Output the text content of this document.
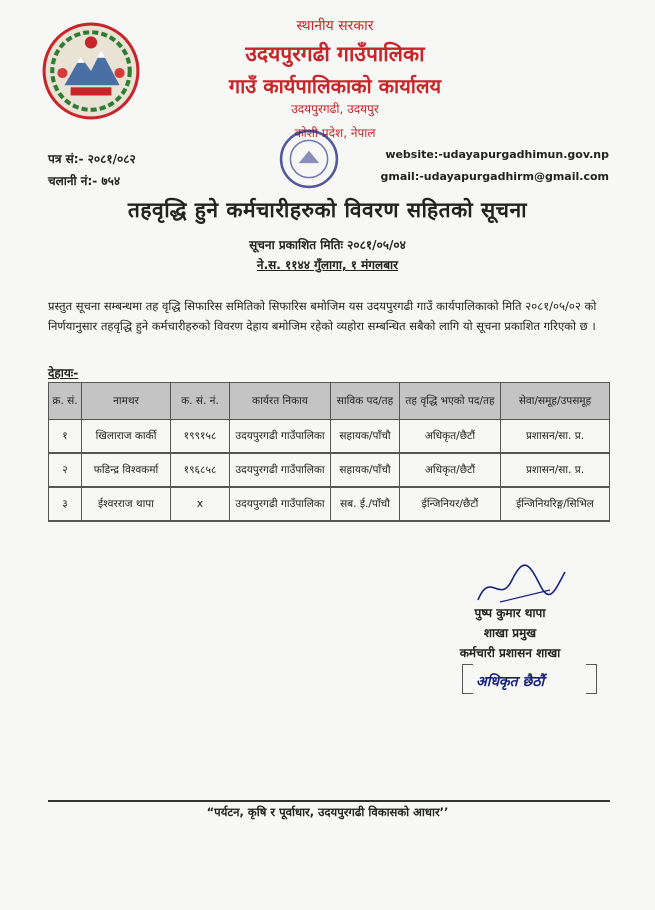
स्थानीय सरकार
उदयपुरगढी गाउँपालिका
गाउँ कार्यपालिकाको कार्यालय
उदयपुरगढी, उदयपुर
कोशी प्रदेश, नेपाल
पत्र सं:- २०८१/०८२
चलानी नं:- ७५४
website:-udayapurgadhimun.gov.np
gmail:-udayapurgadhirm@gmail.com
तहवृद्धि हुने कर्मचारीहरुको विवरण सहितको सूचना
सूचना प्रकाशित मितिः २०८१/०५/०४
ने.स. ११४४ गुँलागा, १ मंगलबार
प्रस्तुत सूचना सम्बन्धमा तह वृद्धि सिफारिस समितिको सिफारिस बमोजिम यस उदयपुरगढी गाउँ कार्यपालिकाको मिति २०८१/०५/०२ को निर्णयानुसार तहवृद्धि हुने कर्मचारीहरुको विवरण देहाय बमोजिम रहेको व्यहोरा सम्बन्धित सबैको लागि यो सूचना प्रकाशित गरिएको छ ।
देहायः-
क्र. सं.	नामथर	क. सं. नं.	कार्यरत निकाय	साविक पद/तह	तह वृद्धि भएको पद/तह	सेवा/समूह/उपसमूह
१	खिलाराज कार्की	१९९१५८	उदयपुरगढी गाउँपालिका	सहायक/पाँचौ	अधिकृत/छैटौं	प्रशासन/सा. प्र.
२	फडिन्द्र विश्वकर्मा	१९६८५८	उदयपुरगढी गाउँपालिका	सहायक/पाँचौ	अधिकृत/छैटौं	प्रशासन/सा. प्र.
३	ईश्वरराज थापा	x	उदयपुरगढी गाउँपालिका	सब. ई./पाँचौ	ईन्जिनियर/छैटौं	ईन्जिनियरिङ्ग/सिभिल
पुष्प कुमार थापा
शाखा प्रमुख
कर्मचारी प्रशासन शाखा
अधिकृत छैठौं
“पर्यटन, कृषि र पूर्वाधार, उदयपुरगढी विकासको आधार’’
